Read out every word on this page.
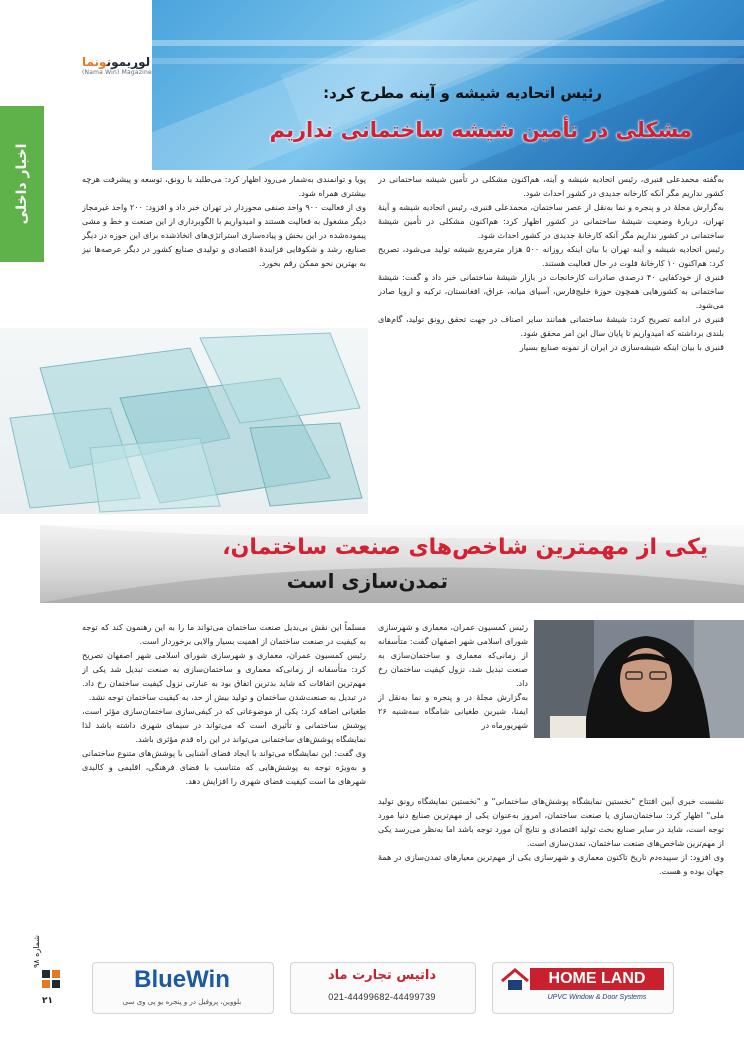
لوړیمونونما
(Nama Win) Magazine
رئیس اتحادیه شیشه و آینه مطرح کرد:
مشکلی در تأمین شیشه ساختمانی نداریم
اخبار داخلی	به‌گفته محمدعلی قنبری، رئیس اتحادیه شیشه و آینه، هم‌اکنون مشکلی در تأمین شیشه ساختمانی در کشور نداریم مگر آنکه کارخانه جدیدی در کشور احداث شود.
به‌گزارش مجلهٔ در و پنجره و نما به‌نقل از عصر ساختمان، محمدعلی قنبری، رئیس اتحادیه شیشه و آینهٔ تهران، دربارهٔ وضعیت شیشهٔ ساختمانی در کشور اظهار کرد: هم‌اکنون مشکلی در تأمین شیشهٔ ساختمانی در کشور نداریم مگر آنکه کارخانهٔ جدیدی در کشور احداث شود.
رئیس اتحادیه شیشه و آینه تهران با بیان اینکه روزانه ۵۰۰ هزار مترمربع شیشه تولید می‌شود، تصریح کرد: هم‌اکنون ۱۰ کارخانهٔ فلوت در حال فعالیت هستند.
قنبری از خودکفایی ۴۰ درصدی صادرات کارخانجات در بازار شیشهٔ ساختمانی خبر داد و گفت: شیشهٔ ساختمانی به کشورهایی همچون حوزهٔ خلیج‌فارس، آسیای میانه، عراق، افغانستان، ترکیه و اروپا صادر می‌شود.
قنبری در ادامه تصریح کرد: شیشهٔ ساختمانی همانند سایر اصناف در جهت تحقق رونق تولید، گام‌های بلندی برداشته که امیدواریم تا پایان سال این امر محقق شود.
قنبری با بیان اینکه شیشه‌سازی در ایران از نمونه صنایع بسیار
پویا و توانمندی به‌شمار می‌رود اظهار کرد: می‌طلبد با رونق، توسعه و پیشرفت هرچه بیشتری همراه شود.
وی از فعالیت ۹۰۰ واحد صنفی مجوزدار در تهران خبر داد و افزود: ۲۰۰ واحد غیرمجاز دیگر مشغول به فعالیت هستند و امیدواریم با الگوبرداری از این صنعت و خط و مشی پیموده‌شده در این بخش و پیاده‌سازی استراتژی‌های اتخاذشده برای این حوزه در دیگر صنایع، رشد و شکوفایی فزایندهٔ اقتصادی و تولیدی صنایع کشور در دیگر عرصه‌ها نیز به بهترین نحو ممکن رقم بخورد.
یکی از مهمترین شاخص‌های صنعت ساختمان،
تمدن‌سازی است
رئیس کمسیون عمران، معماری و شهرسازی شورای اسلامی شهر اصفهان گفت: متأسفانه از زمانی‌که معماری و ساختمان‌سازی به صنعت تبدیل شد، نزول کیفیت ساختمان رخ داد.
به‌گزارش مجلهٔ در و پنجره و نما به‌نقل از ایمنا، شیرین طغیانی شامگاه سه‌شنبه ۲۶ شهریورماه در
نشست خبری آیین افتتاح "نخستین نمایشگاه پوشش‌های ساختمانی" و "نخستین نمایشگاه رونق تولید ملی" اظهار کرد: ساختمان‌سازی یا صنعت ساختمان، امروز به‌عنوان یکی از مهم‌ترین صنایع دنیا مورد توجه است، شاید در سایر صنایع بحث تولید اقتصادی و نتایج آن مورد توجه باشد اما به‌نظر می‌رسد یکی از مهم‌ترین شاخص‌های صنعت ساختمان، تمدن‌سازی است.
وی افزود: از سپیده‌دم تاریخ تاکنون معماری و شهرسازی یکی از مهم‌ترین معیارهای تمدن‌سازی در همهٔ جهان بوده و هست.
مسلماً این نقش بی‌بدیل صنعت ساختمان می‌تواند ما را به این رهنمون کند که توجه به کیفیت در صنعت ساختمان از اهمیت بسیار والایی برخوردار است.
رئیس کمسیون عمران، معماری و شهرسازی شورای اسلامی شهر اصفهان تصریح کرد: متأسفانه از زمانی‌که معماری و ساختمان‌سازی به صنعت تبدیل شد یکی از مهم‌ترین اتفاقات که شاید بدترین اتفاق بود به عبارتی نزول کیفیت ساختمان رخ داد. در تبدیل به صنعت‌شدن ساختمان و تولید بیش از حد، به کیفیت ساختمان توجه نشد.
طغیانی اضافه کرد: یکی از موضوعاتی که در کیفی‌سازی ساختمان‌سازی مؤثر است، پوشش ساختمانی و تأثیری است که می‌تواند در سیمای شهری داشته باشد لذا نمایشگاه پوشش‌های ساختمانی می‌تواند در این راه قدم مؤثری باشد.
وی گفت: این نمایشگاه می‌تواند با ایجاد فضای آشنایی با پوشش‌های متنوع ساختمانی و به‌ویژه توجه به پوشش‌هایی که متناسب با فضای فرهنگی، اقلیمی و کالبدی شهرهای ما است کیفیت فضای شهری را افزایش دهد.
شماره ۹۸
۲۱
BlueWin
بلووین، پروفیل در و پنجره یو پی وی سی
داتیس تجارت ماد
021-44499682-44499739
HOME LAND
UPVC Window & Door Systems
